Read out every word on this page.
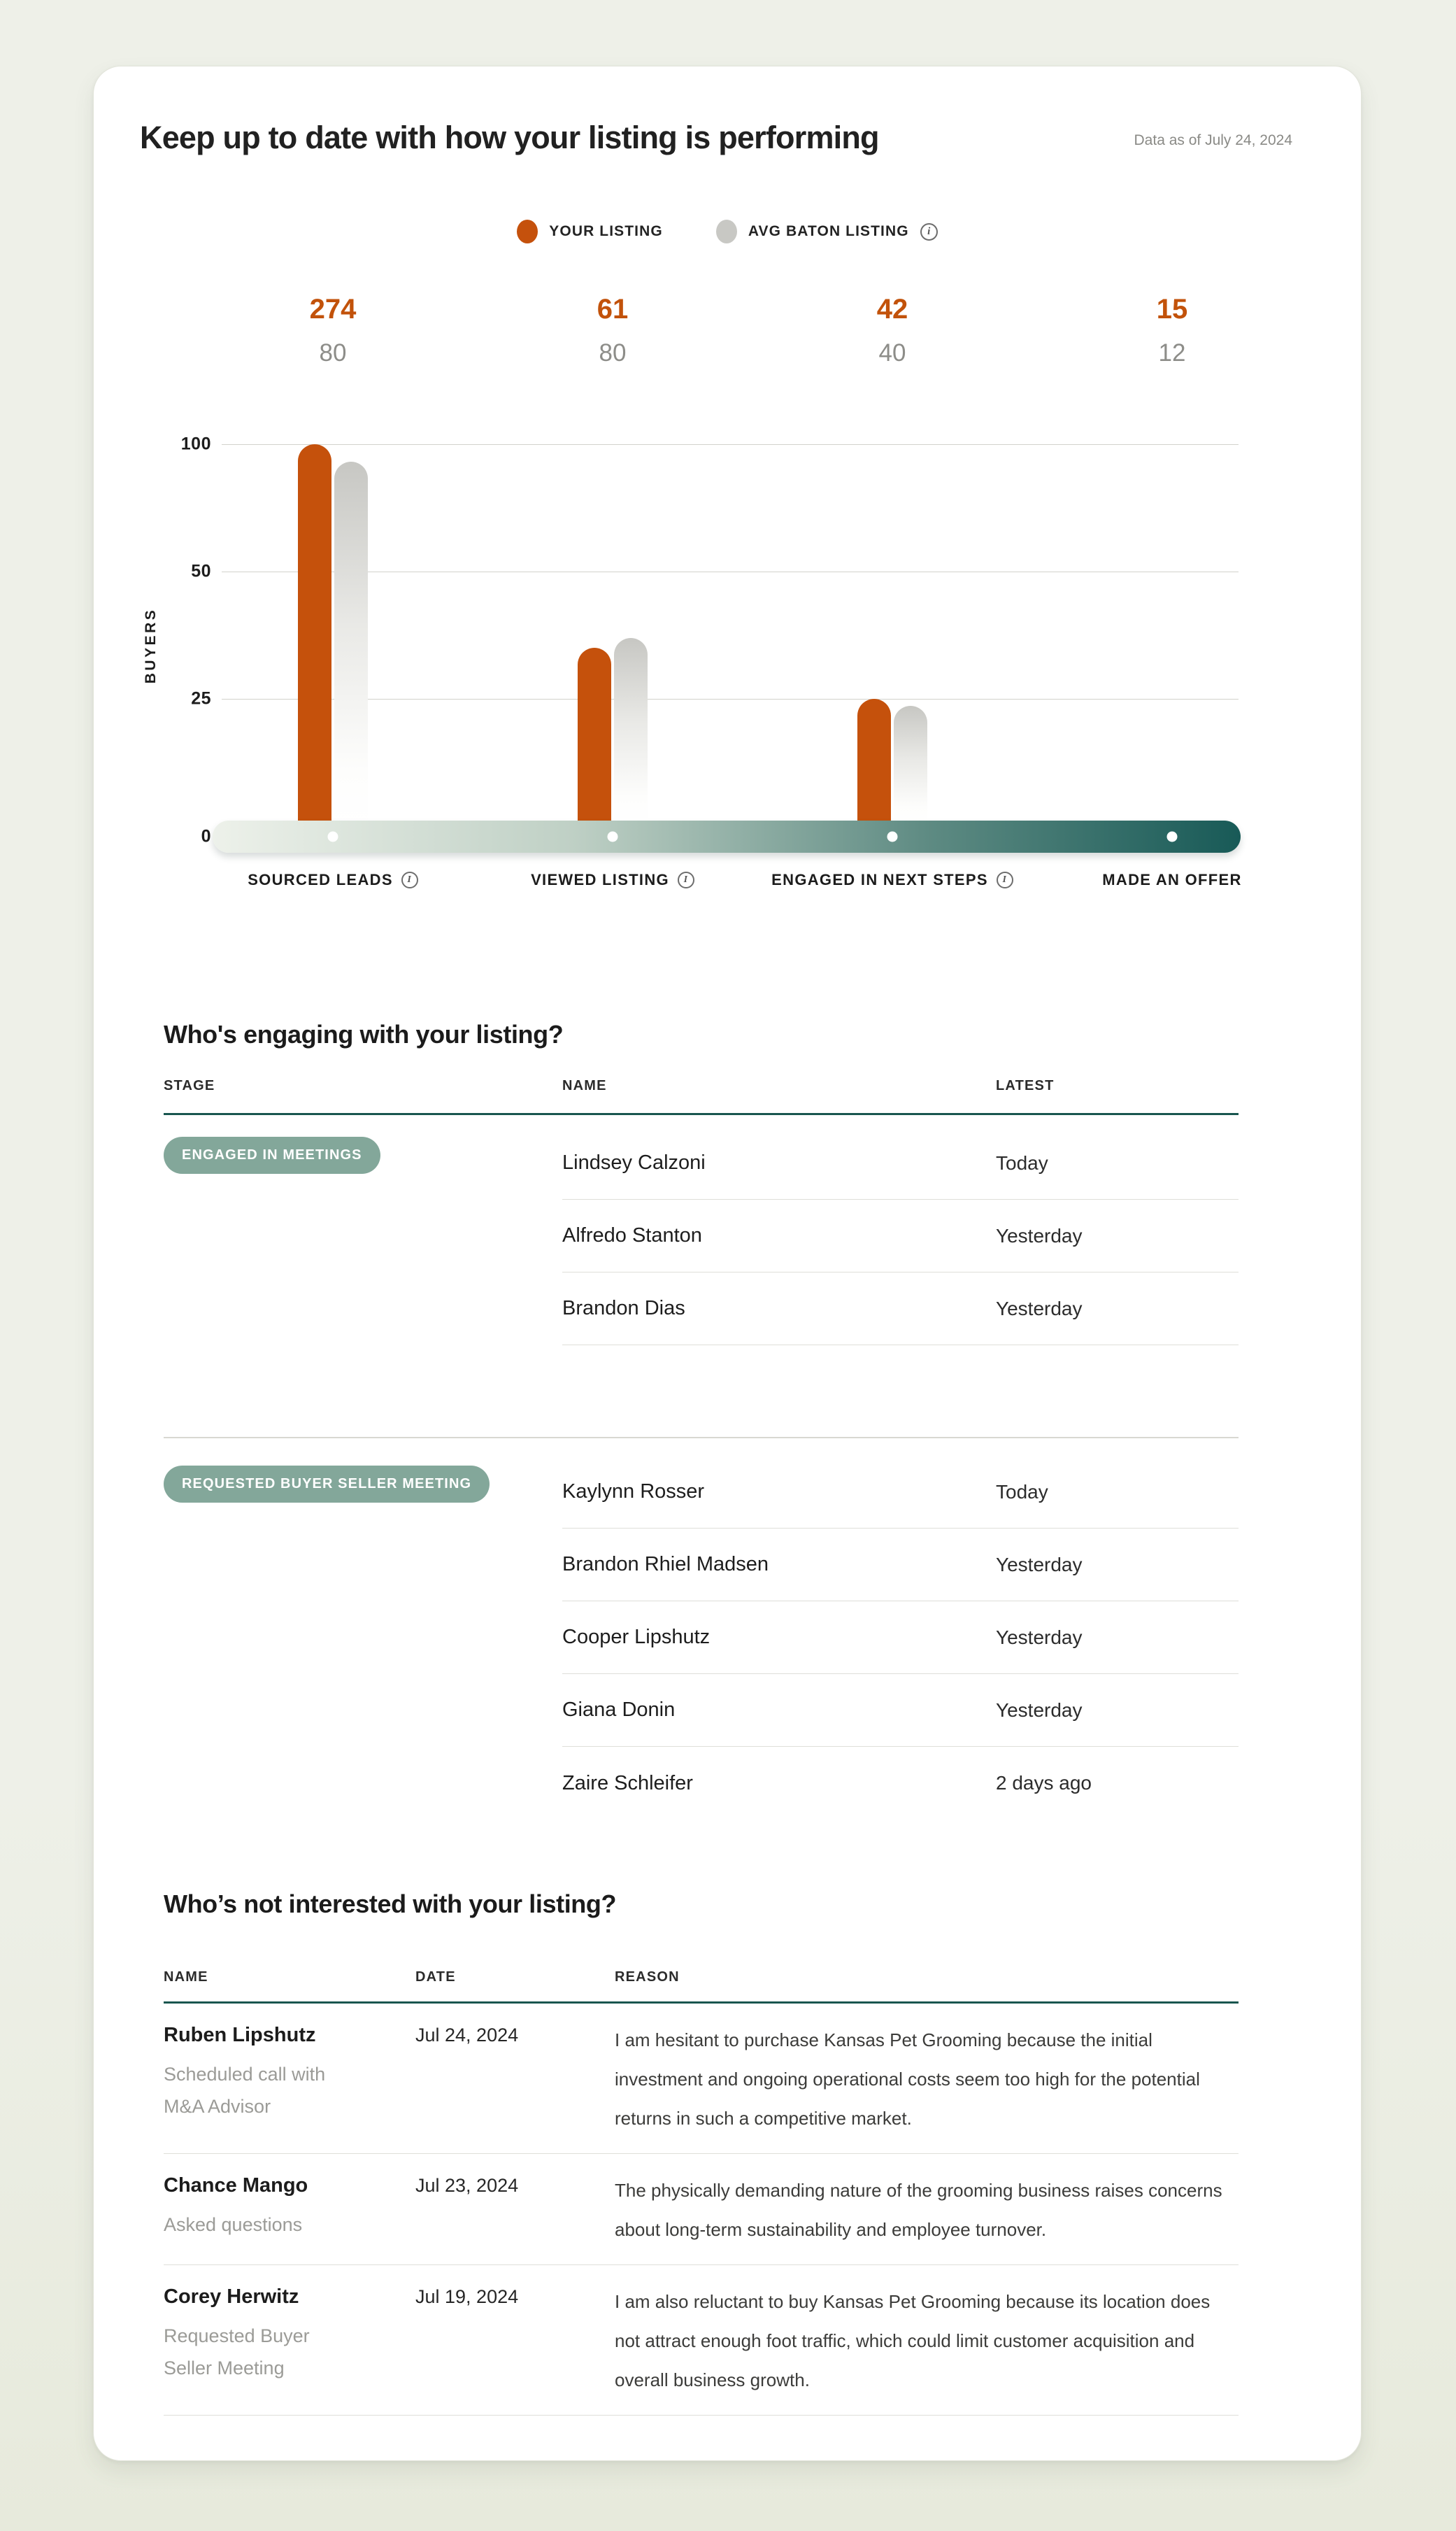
Keep up to date with how your listing is performing	Data as of July 24, 2024
YOUR LISTING	AVG BATON LISTING
i
274
80
61
80
42
40
15
12
BUYERS
100
50
25
0
SOURCED LEADS I	VIEWED LISTING I	ENGAGED IN NEXT STEPS I	MADE AN OFFER
Who's engaging with your listing?
STAGE	NAME	LATEST
ENGAGED IN MEETINGS	Lindsey Calzoni	Today
Alfredo Stanton	Yesterday
Brandon Dias	Yesterday
REQUESTED BUYER SELLER MEETING	Kaylynn Rosser	Today
Brandon Rhiel Madsen	Yesterday
Cooper Lipshutz	Yesterday
Giana Donin	Yesterday
Zaire Schleifer	2 days ago
Who’s not interested with your listing?
NAME	DATE	REASON
Ruben Lipshutz
Scheduled call with M&A Advisor
Jul 24, 2024	I am hesitant to purchase Kansas Pet Grooming because the initial investment and ongoing operational costs seem too high for the potential returns in such a competitive market.
Chance Mango
Asked questions
Jul 23, 2024	The physically demanding nature of the grooming business raises concerns about long-term sustainability and employee turnover.
Corey Herwitz
Requested Buyer Seller Meeting
Jul 19, 2024	I am also reluctant to buy Kansas Pet Grooming because its location does not attract enough foot traffic, which could limit customer acquisition and overall business growth.
